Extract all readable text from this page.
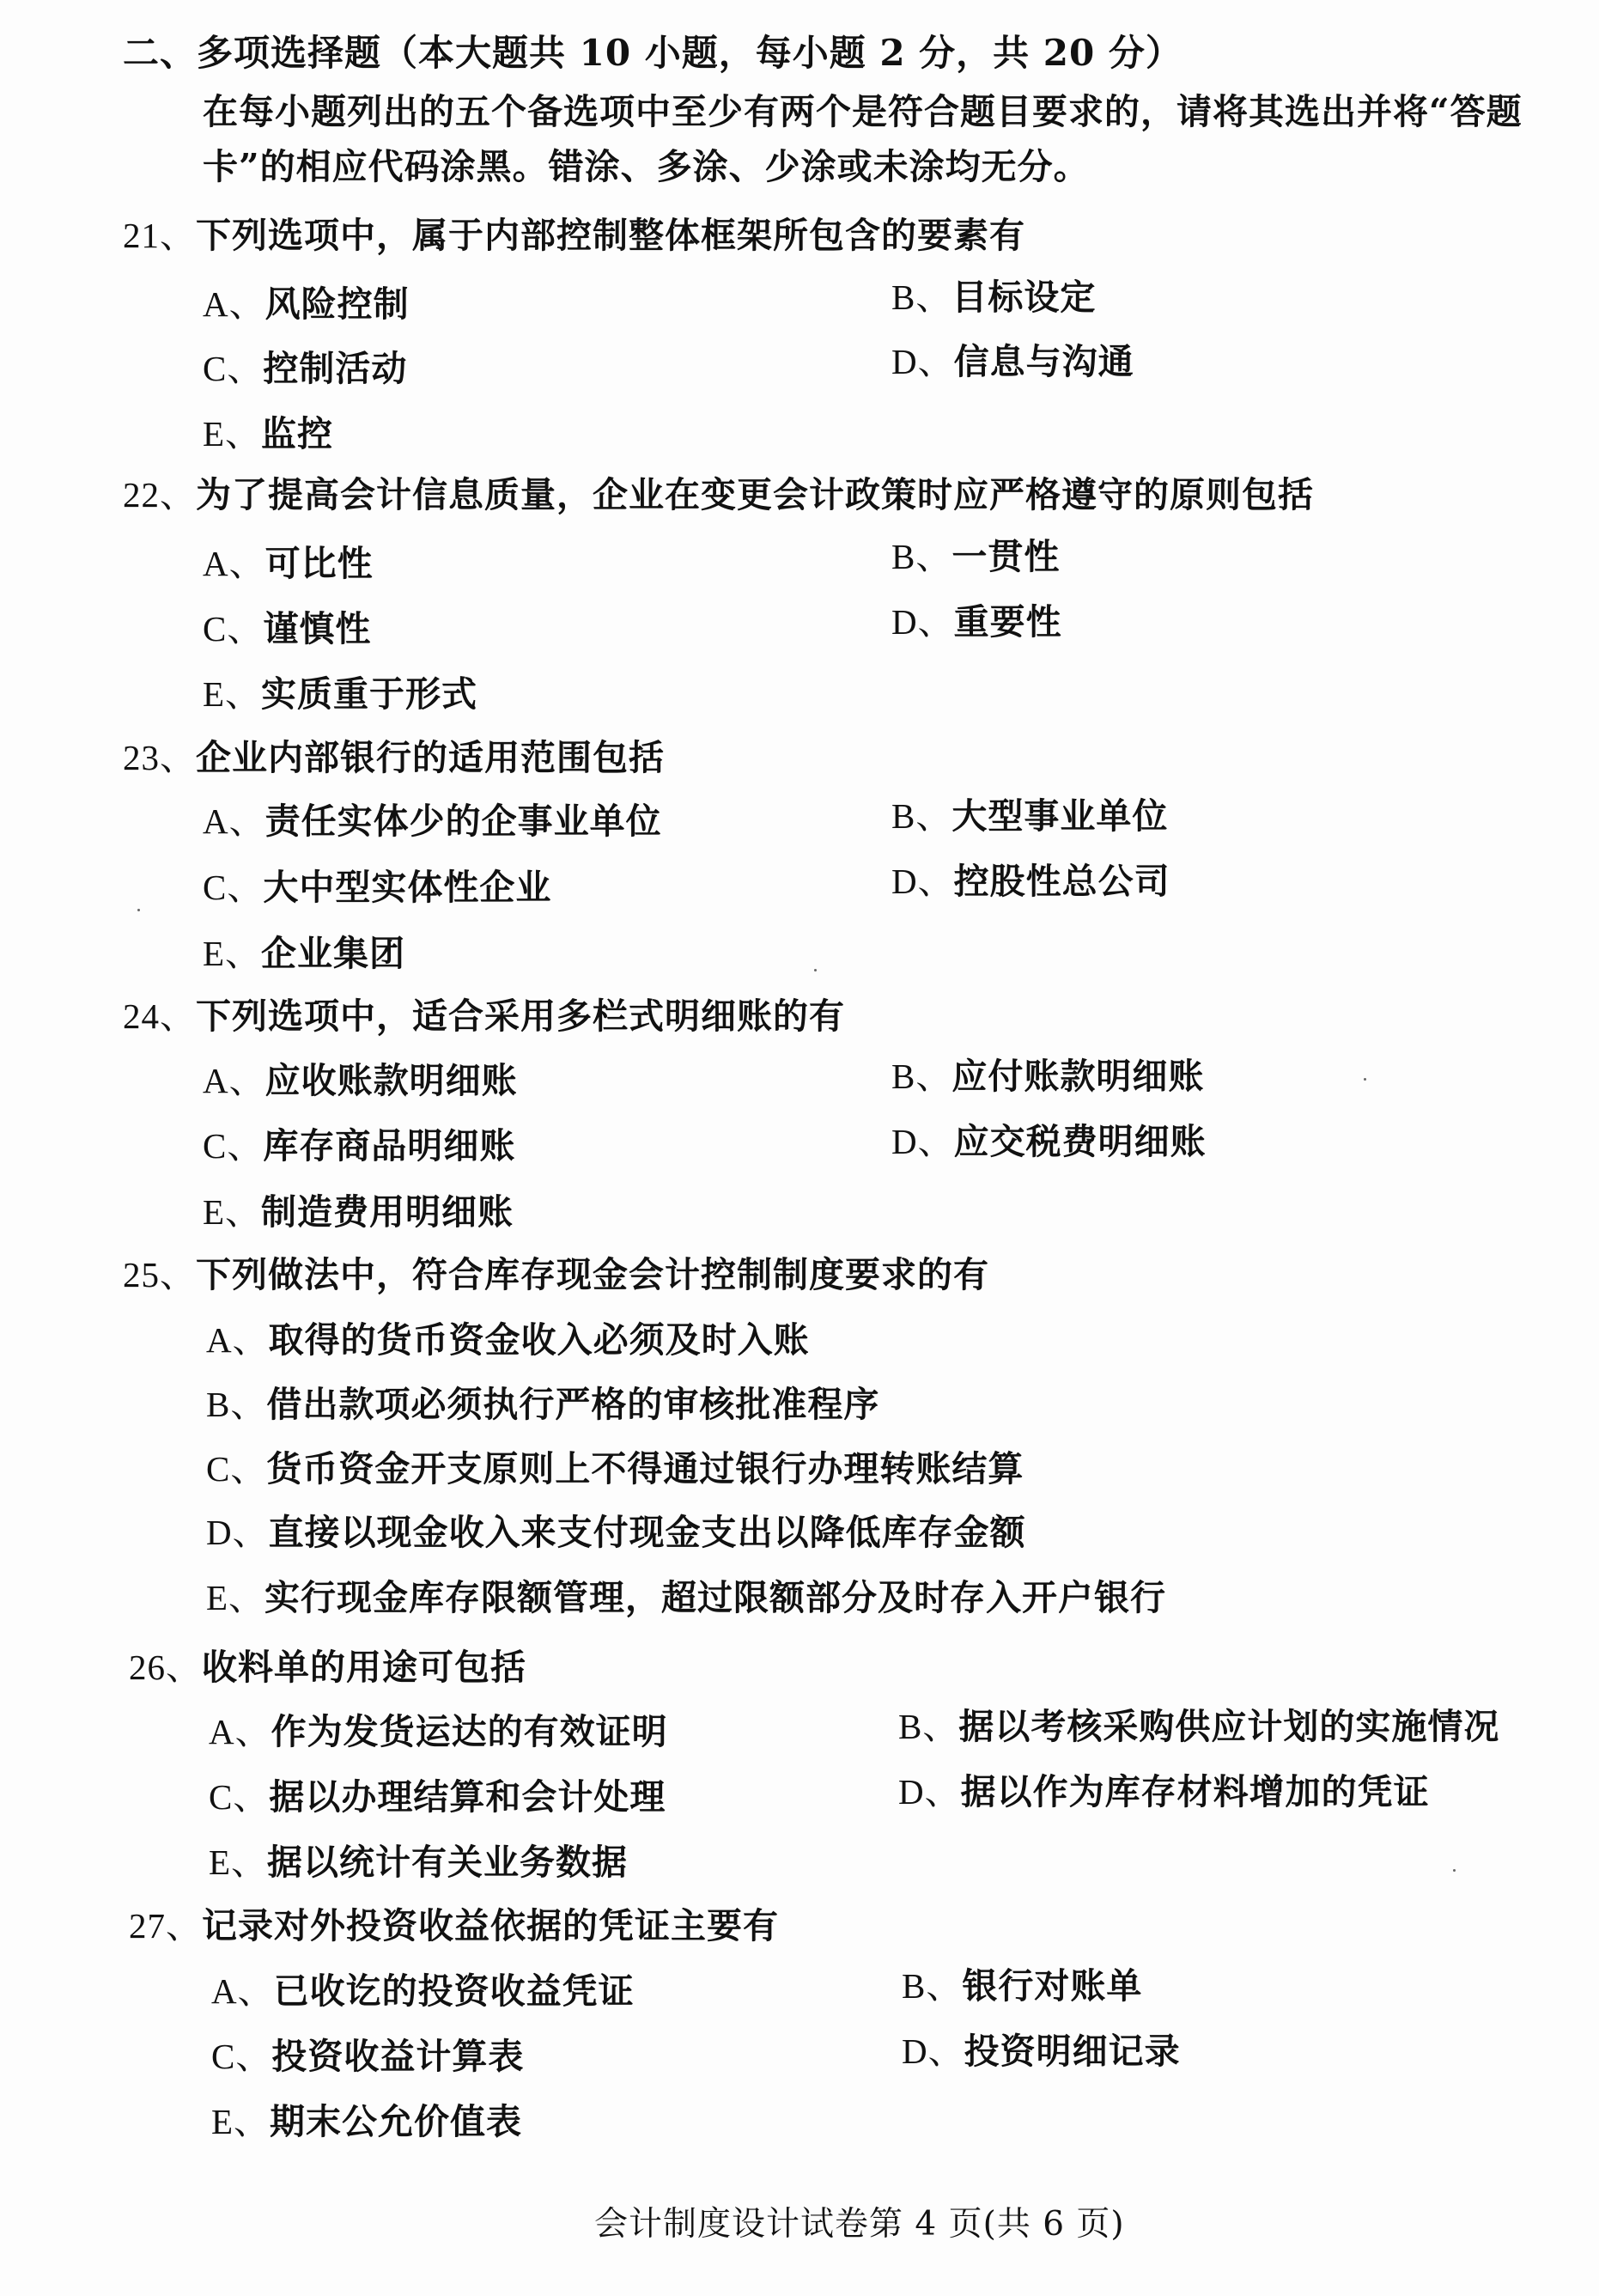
二、多项选择题（本大题共 10 小题，每小题 2 分，共 20 分）
在每小题列出的五个备选项中至少有两个是符合题目要求的，请将其选出并将“答题
卡”的相应代码涂黑。错涂、多涂、少涂或未涂均无分。
21、下列选项中，属于内部控制整体框架所包含的要素有
A、风险控制	B、目标设定
C、控制活动	D、信息与沟通
E、监控
22、为了提高会计信息质量，企业在变更会计政策时应严格遵守的原则包括
A、可比性	B、一贯性
C、谨慎性	D、重要性
E、实质重于形式
23、企业内部银行的适用范围包括
A、责任实体少的企事业单位	B、大型事业单位
C、大中型实体性企业	D、控股性总公司
E、企业集团
24、下列选项中，适合采用多栏式明细账的有
A、应收账款明细账	B、应付账款明细账
C、库存商品明细账	D、应交税费明细账
E、制造费用明细账
25、下列做法中，符合库存现金会计控制制度要求的有
A、取得的货币资金收入必须及时入账
B、借出款项必须执行严格的审核批准程序
C、货币资金开支原则上不得通过银行办理转账结算
D、直接以现金收入来支付现金支出以降低库存金额
E、实行现金库存限额管理，超过限额部分及时存入开户银行
26、收料单的用途可包括
A、作为发货运达的有效证明	B、据以考核采购供应计划的实施情况
C、据以办理结算和会计处理	D、据以作为库存材料增加的凭证
E、据以统计有关业务数据
27、记录对外投资收益依据的凭证主要有
A、已收讫的投资收益凭证	B、银行对账单
C、投资收益计算表	D、投资明细记录
E、期末公允价值表
会计制度设计试卷第 4 页(共 6 页)
